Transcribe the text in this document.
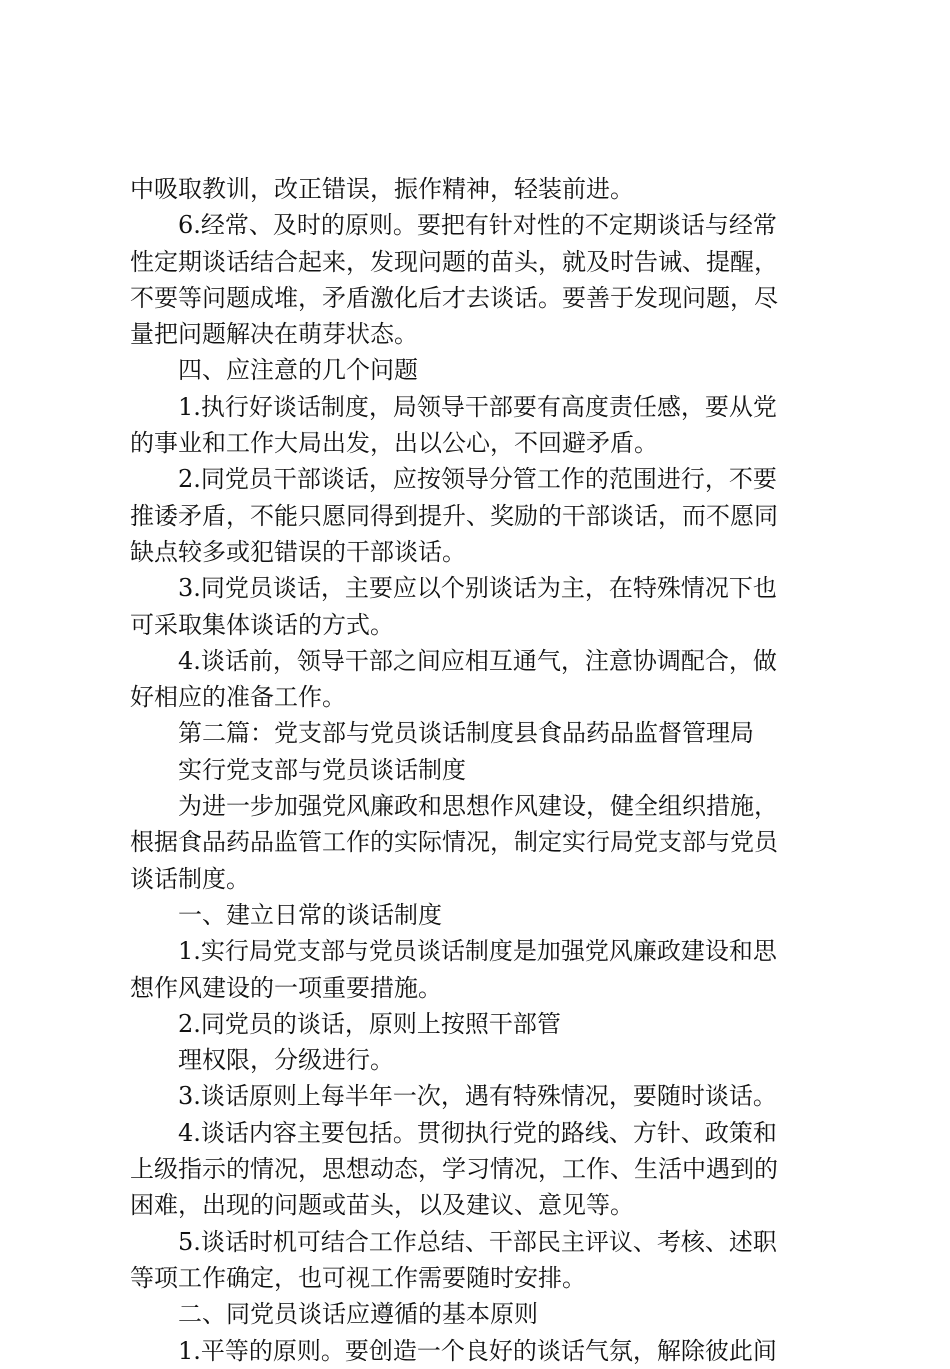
中吸取教训，改正错误，振作精神，轻装前进。

　　6.经常、及时的原则。要把有针对性的不定期谈话与经常
性定期谈话结合起来，发现问题的苗头，就及时告诫、提醒，
不要等问题成堆，矛盾激化后才去谈话。要善于发现问题，尽
量把问题解决在萌芽状态。

　　四、应注意的几个问题

　　1.执行好谈话制度，局领导干部要有高度责任感，要从党
的事业和工作大局出发，出以公心，不回避矛盾。

　　2.同党员干部谈话，应按领导分管工作的范围进行，不要
推诿矛盾，不能只愿同得到提升、奖励的干部谈话，而不愿同
缺点较多或犯错误的干部谈话。

　　3.同党员谈话，主要应以个别谈话为主，在特殊情况下也
可采取集体谈话的方式。

　　4.谈话前，领导干部之间应相互通气，注意协调配合，做
好相应的准备工作。

　　第二篇：党支部与党员谈话制度县食品药品监督管理局

　　实行党支部与党员谈话制度

　　为进一步加强党风廉政和思想作风建设，健全组织措施，
根据食品药品监管工作的实际情况，制定实行局党支部与党员
谈话制度。

　　一、建立日常的谈话制度

　　1.实行局党支部与党员谈话制度是加强党风廉政建设和思
想作风建设的一项重要措施。

　　2.同党员的谈话，原则上按照干部管

　　理权限，分级进行。

　　3.谈话原则上每半年一次，遇有特殊情况，要随时谈话。

　　4.谈话内容主要包括。贯彻执行党的路线、方针、政策和
上级指示的情况，思想动态，学习情况，工作、生活中遇到的
困难，出现的问题或苗头，以及建议、意见等。

　　5.谈话时机可结合工作总结、干部民主评议、考核、述职
等项工作确定，也可视工作需要随时安排。

　　二、同党员谈话应遵循的基本原则

　　1.平等的原则。要创造一个良好的谈话气氛，解除彼此间
